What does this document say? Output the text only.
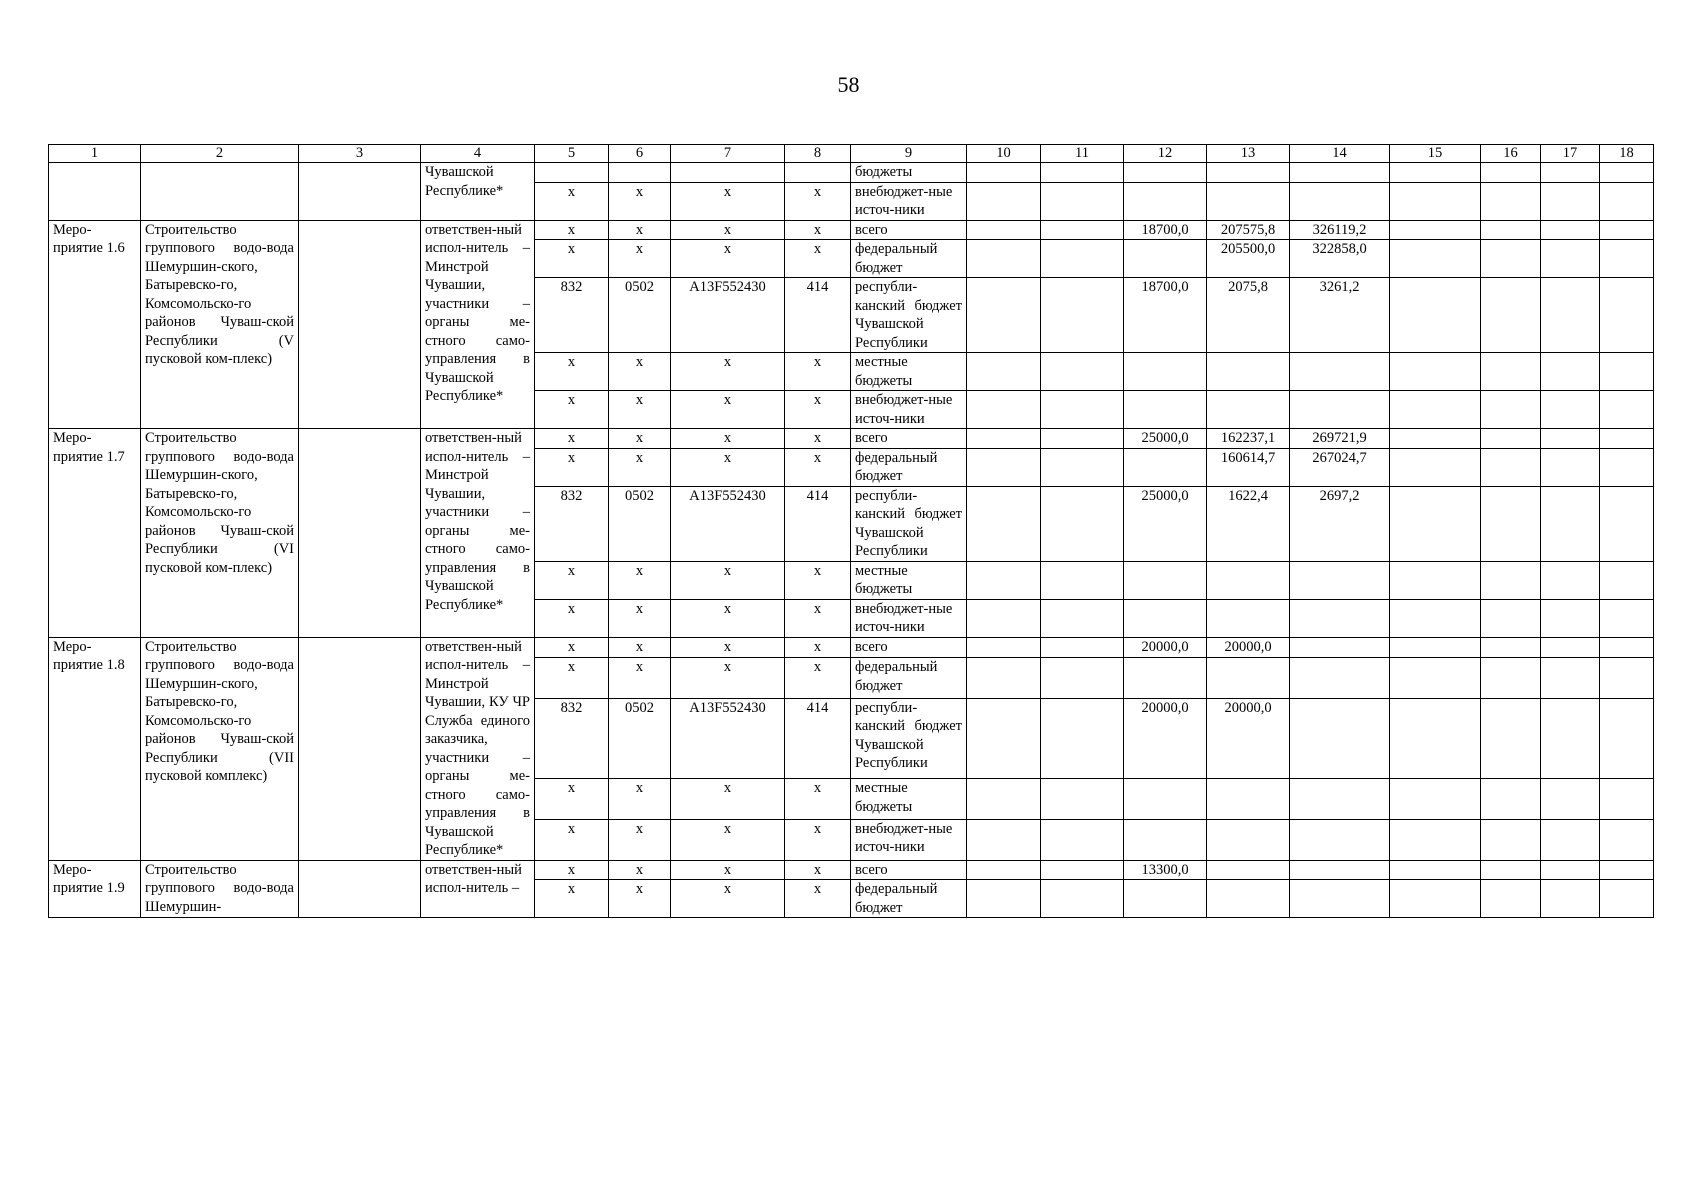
58
1	2	3	4	5	6	7	8	9	10	11	12	13	14	15	16	17	18
			Чувашской Республике*					бюджеты									
				x	x	x	x	внебюджет-ные источ-ники									
Меро-приятие 1.6	Строительство группового водо-вода Шемуршин-ского, Батыревско-го, Комсомольско-го районов Чуваш-ской Республики (V пусковой ком-плекс)		ответствен-ный испол-нитель – Минстрой Чувашии, участники – органы ме-стного само-управления в Чувашской Республике*	x	x	x	x	всего			18700,0	207575,8	326119,2				
				x	x	x	x	федеральный бюджет				205500,0	322858,0				
				832	0502	A13F552430	414	республи-канский бюджет Чувашской Республики			18700,0	2075,8	3261,2				
				x	x	x	x	местные бюджеты									
				x	x	x	x	внебюджет-ные источ-ники									
Меро-приятие 1.7	Строительство группового водо-вода Шемуршин-ского, Батыревско-го, Комсомольско-го районов Чуваш-ской Республики (VI пусковой ком-плекс)		ответствен-ный испол-нитель – Минстрой Чувашии, участники – органы ме-стного само-управления в Чувашской Республике*	x	x	x	x	всего			25000,0	162237,1	269721,9				
				x	x	x	x	федеральный бюджет				160614,7	267024,7				
				832	0502	A13F552430	414	республи-канский бюджет Чувашской Республики			25000,0	1622,4	2697,2				
				x	x	x	x	местные бюджеты									
				x	x	x	x	внебюджет-ные источ-ники									
Меро-приятие 1.8	Строительство группового водо-вода Шемуршин-ского, Батыревско-го, Комсомольско-го районов Чуваш-ской Республики (VII пусковой комплекс)		ответствен-ный испол-нитель – Минстрой Чувашии, КУ ЧР Служба единого заказчика, участники – органы ме-стного само-управления в Чувашской Республике*	x	x	x	x	всего			20000,0	20000,0					
				x	x	x	x	федеральный бюджет									
				832	0502	A13F552430	414	республи-канский бюджет Чувашской Республики			20000,0	20000,0					
				x	x	x	x	местные бюджеты									
				x	x	x	x	внебюджет-ные источ-ники									
Меро-приятие 1.9	Строительство группового водо-вода Шемуршин-		ответствен-ный испол-нитель –	x	x	x	x	всего			13300,0						
				x	x	x	x	федеральный бюджет									
